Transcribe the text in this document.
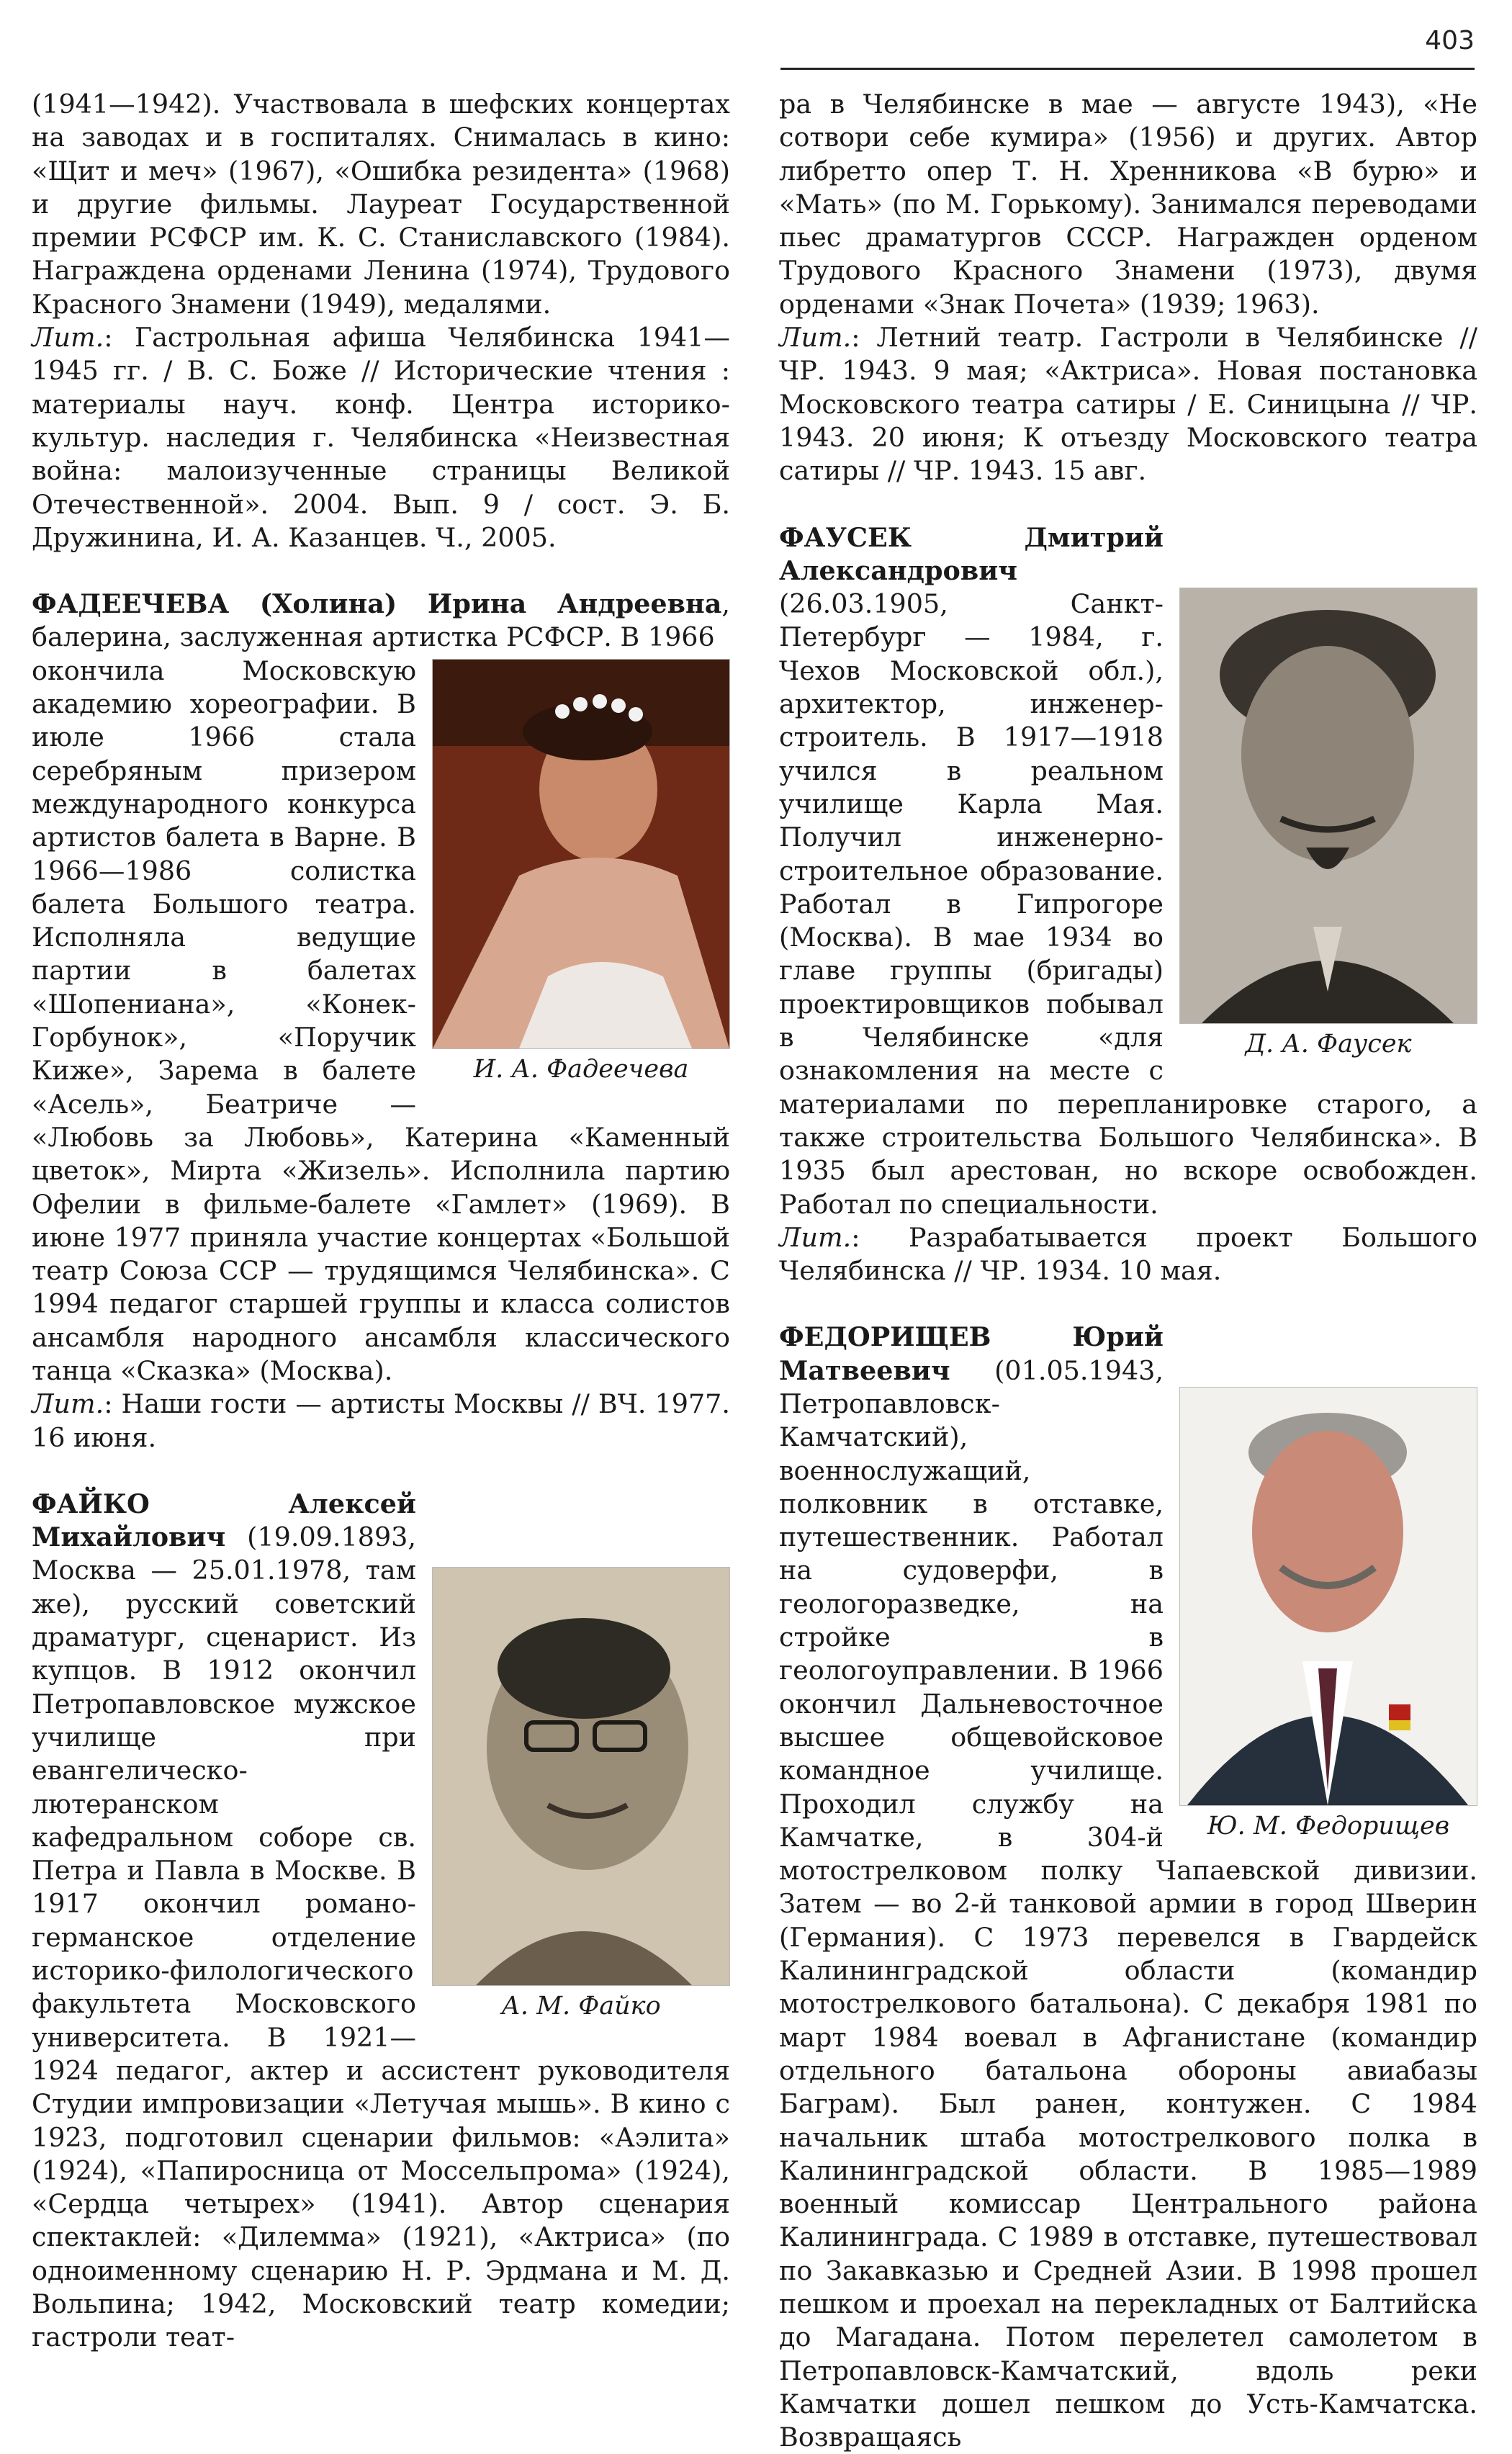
403

(1941—1942). Участвовала в шефских концертах на заводах и в госпиталях. Снималась в кино: «Щит и меч» (1967), «Ошибка резидента» (1968) и другие фильмы. Лауреат Государственной премии РСФСР им. К. С. Станиславского (1984). Награждена орденами Ленина (1974), Трудового Красного Знамени (1949), медалями.

Лит.: Гастрольная афиша Челябинска 1941—1945 гг. / В. С. Боже // Исторические чтения : материалы науч. конф. Центра историко-культур. наследия г. Челябинска «Неизвестная война: малоизученные страницы Великой Отечественной». 2004. Вып. 9 / сост. Э. Б. Дружинина, И. А. Казанцев. Ч., 2005.

ФАДЕЕЧЕВА (Холина) Ирина Андреевна, балерина, заслуженная артистка РСФСР. В 1966

И. А. Фадеечева

окончила Московскую академию хореографии. В июле 1966 стала серебряным призером международного конкурса артистов балета в Варне. В 1966—1986 солистка балета Большого театра. Исполняла ведущие партии в балетах «Шопениана», «Конек-Горбунок», «Поручик Киже», Зарема в балете «Асель», Беатриче — «Любовь за Любовь», Катерина «Каменный цветок», Мирта «Жизель». Исполнила партию Офелии в фильме-балете «Гамлет» (1969). В июне 1977 приняла участие концертах «Большой театр Союза ССР — трудящимся Челябинска». С 1994 педагог старшей группы и класса солистов ансамбля народного ансамбля классического танца «Сказка» (Москва).

Лит.: Наши гости — артисты Москвы // ВЧ. 1977. 16 июня.

А. М. Файко

ФАЙКО Алексей Михайлович (19.09.1893, Москва — 25.01.1978, там же), русский советский драматург, сценарист. Из купцов. В 1912 окончил Петропавловское мужское училище при евангелическо-лютеранском кафедральном соборе св. Петра и Павла в Москве. В 1917 окончил романо-германское отделение историко-филологического факультета Московского университета. В 1921—1924 педагог, актер и ассистент руководителя Студии импровизации «Летучая мышь». В кино с 1923, подготовил сценарии фильмов: «Аэлита» (1924), «Папиросница от Моссельпрома» (1924), «Сердца четырех» (1941). Автор сценария спектаклей: «Дилемма» (1921), «Актриса» (по одноименному сценарию Н. Р. Эрдмана и М. Д. Вольпина; 1942, Московский театр комедии; гастроли теат-

ра в Челябинске в мае — августе 1943), «Не сотвори себе кумира» (1956) и других. Автор либретто опер Т. Н. Хренникова «В бурю» и «Мать» (по М. Горькому). Занимался переводами пьес драматургов СССР. Награжден орденом Трудового Красного Знамени (1973), двумя орденами «Знак Почета» (1939; 1963).

Лит.: Летний театр. Гастроли в Челябинске // ЧР. 1943. 9 мая; «Актриса». Новая постановка Московского театра сатиры / Е. Синицына // ЧР. 1943. 20 июня; К отъезду Московского театра сатиры // ЧР. 1943. 15 авг.

Д. А. Фаусек

ФАУСЕК Дмитрий Александрович (26.03.1905, Санкт-Петербург — 1984, г. Чехов Московской обл.), архитектор, инженер-строитель. В 1917—1918 учился в реальном училище Карла Мая. Получил инженерно-строительное образование. Работал в Гипрогоре (Москва). В мае 1934 во главе группы (бригады) проектировщиков побывал в Челябинске «для ознакомления на месте с материалами по перепланировке старого, а также строительства Большого Челябинска». В 1935 был арестован, но вскоре освобожден. Работал по специальности.

Лит.: Разрабатывается проект Большого Челябинска // ЧР. 1934. 10 мая.

Ю. М. Федорищев

ФЕДОРИЩЕВ Юрий Матвеевич (01.05.1943, Петропавловск-Камчатский), военнослужащий, полковник в отставке, путешественник. Работал на судоверфи, в геологоразведке, на стройке в геологоуправлении. В 1966 окончил Дальневосточное высшее общевойсковое командное училище. Проходил службу на Камчатке, в 304-й мотострелковом полку Чапаевской дивизии. Затем — во 2-й танковой армии в город Шверин (Германия). С 1973 перевелся в Гвардейск Калининградской области (командир мотострелкового батальона). С декабря 1981 по март 1984 воевал в Афганистане (командир отдельного батальона обороны авиабазы Баграм). Был ранен, контужен. С 1984 начальник штаба мотострелкового полка в Калининградской области. В 1985—1989 военный комиссар Центрального района Калининграда. С 1989 в отставке, путешествовал по Закавказью и Средней Азии. В 1998 прошел пешком и проехал на перекладных от Балтийска до Магадана. Потом перелетел самолетом в Петропавловск-Камчатский, вдоль реки Камчатки дошел пешком до Усть-Камчатска. Возвращаясь
